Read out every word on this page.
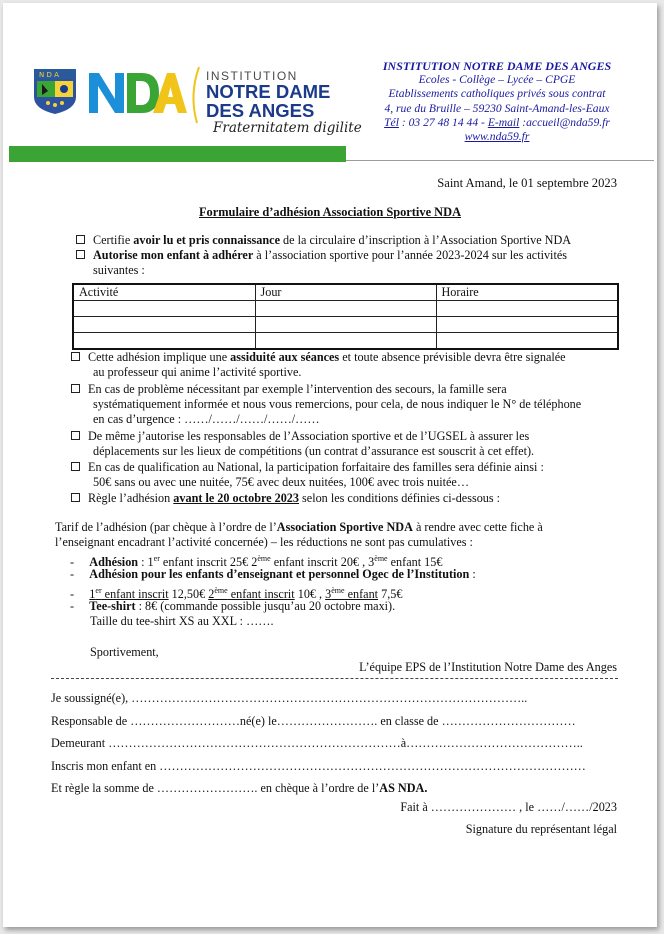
N D A	INSTITUTION
NOTRE DAME DES ANGES
Fraternitatem digilite
INSTITUTION NOTRE DAME DES ANGES
Ecoles - Collège – Lycée – CPGE
Etablissements catholiques privés sous contrat
4, rue du Bruille – 59230 Saint-Amand-les-Eaux
Tél : 03 27 48 14 44 - E-mail :accueil@nda59.fr
www.nda59.fr
Saint Amand, le 01 septembre 2023
Formulaire d’adhésion Association Sportive NDA
Certifie avoir lu et pris connaissance de la circulaire d’inscription à l’Association Sportive NDA
Autorise mon enfant à adhérer à l’association sportive pour l’année 2023-2024 sur les activités
suivantes :
Activité	Jour	Horaire

Cette adhésion implique une assiduité aux séances et toute absence prévisible devra être signalée
au professeur qui anime l’activité sportive.
En cas de problème nécessitant par exemple l’intervention des secours, la famille sera
systématiquement informée et nous vous remercions, pour cela, de nous indiquer le N° de téléphone
en cas d’urgence : ……/……/……/……/……
De même j’autorise les responsables de l’Association sportive et de l’UGSEL à assurer les
déplacements sur les lieux de compétitions (un contrat d’assurance est souscrit à cet effet).
En cas de qualification au National, la participation forfaitaire des familles sera définie ainsi :
50€ sans ou avec une nuitée, 75€ avec deux nuitées, 100€ avec trois nuitée…
Règle l’adhésion avant le 20 octobre 2023 selon les conditions définies ci-dessous :
Tarif de l’adhésion (par chèque à l’ordre de l’Association Sportive NDA à rendre avec cette fiche à
l’enseignant encadrant l’activité concernée) – les réductions ne sont pas cumulatives :
- Adhésion : 1er enfant inscrit 25€ 2ème enfant inscrit 20€ , 3ème enfant 15€
- Adhésion pour les enfants d’enseignant et personnel Ogec de l’Institution :
- 1er enfant inscrit 12,50€ 2ème enfant inscrit 10€ , 3ème enfant 7,5€
- Tee-shirt : 8€ (commande possible jusqu’au 20 octobre maxi).
Taille du tee-shirt XS au XXL : …….
Sportivement,
L’équipe EPS de l’Institution Notre Dame des Anges
Je soussigné(e), ……………………………………………………………………………………..
Responsable de ………………………né(e) le……………………. en classe de ……………………………
Demeurant ………………………………………………………………à……………………………………..
Inscris mon enfant en ……………………………………………………………………………………………
Et règle la somme de ……………………. en chèque à l’ordre de l’AS NDA.
Fait à ………………… , le ……/……/2023
Signature du représentant légal
